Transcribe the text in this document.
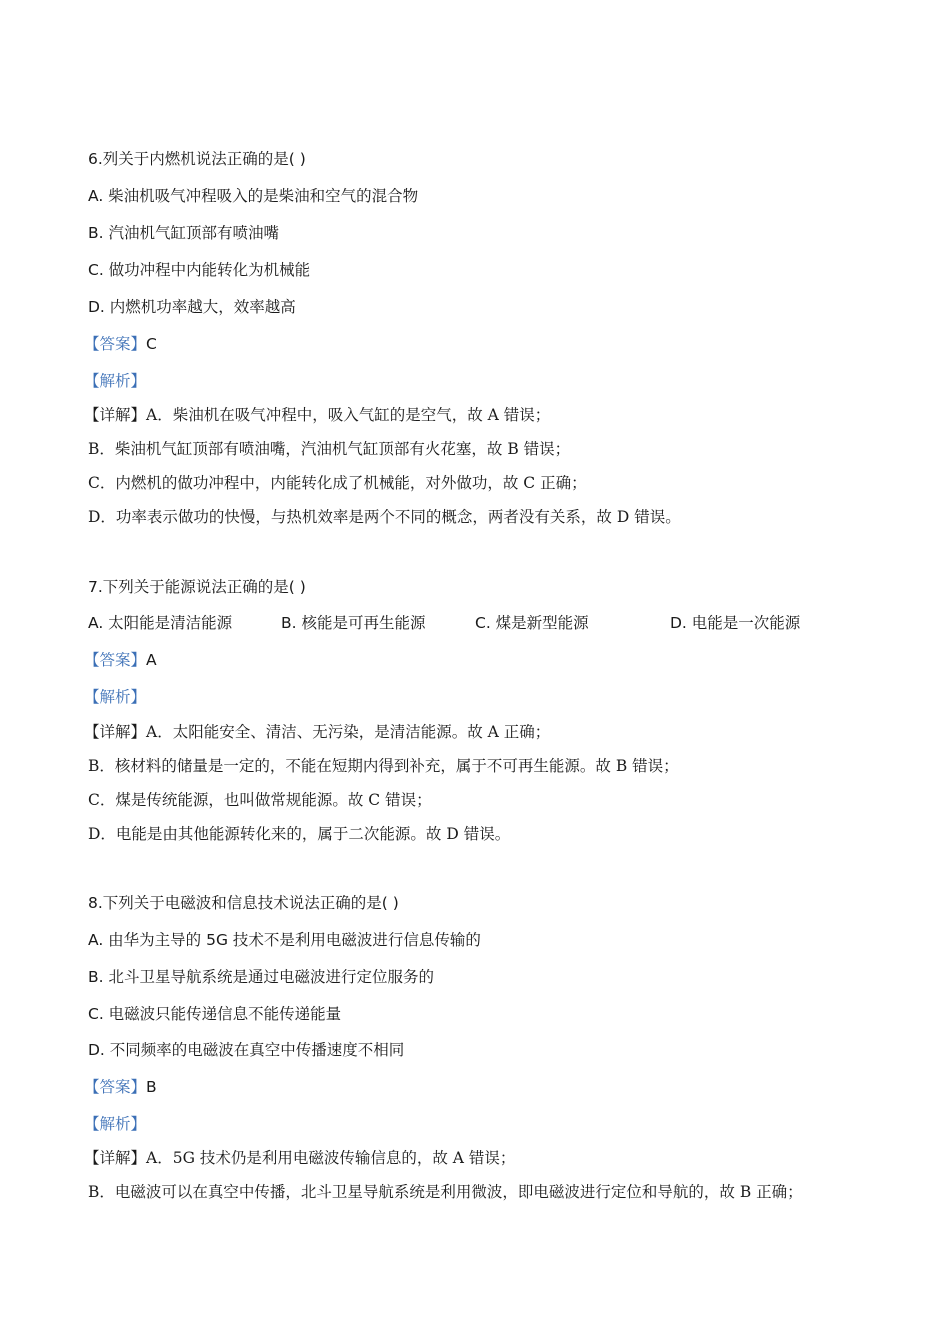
6.列关于内燃机说法正确的是( )
A. 柴油机吸气冲程吸入的是柴油和空气的混合物
B. 汽油机气缸顶部有喷油嘴
C. 做功冲程中内能转化为机械能
D. 内燃机功率越大，效率越高
【答案】C
【解析】
【详解】A．柴油机在吸气冲程中，吸入气缸的是空气，故 A 错误；
B．柴油机气缸顶部有喷油嘴，汽油机气缸顶部有火花塞，故 B 错误；
C．内燃机的做功冲程中，内能转化成了机械能，对外做功，故 C 正确；
D．功率表示做功的快慢，与热机效率是两个不同的概念，两者没有关系，故 D 错误。
7.下列关于能源说法正确的是( )
A. 太阳能是清洁能源	B. 核能是可再生能源	C. 煤是新型能源	D. 电能是一次能源
【答案】A
【解析】
【详解】A．太阳能安全、清洁、无污染，是清洁能源。故 A 正确；
B．核材料的储量是一定的，不能在短期内得到补充，属于不可再生能源。故 B 错误；
C．煤是传统能源，也叫做常规能源。故 C 错误；
D．电能是由其他能源转化来的，属于二次能源。故 D 错误。
8.下列关于电磁波和信息技术说法正确的是( )
A. 由华为主导的 5G 技术不是利用电磁波进行信息传输的
B. 北斗卫星导航系统是通过电磁波进行定位服务的
C. 电磁波只能传递信息不能传递能量
D. 不同频率的电磁波在真空中传播速度不相同
【答案】B
【解析】
【详解】A．5G 技术仍是利用电磁波传输信息的，故 A 错误；
B．电磁波可以在真空中传播，北斗卫星导航系统是利用微波，即电磁波进行定位和导航的，故 B 正确；
